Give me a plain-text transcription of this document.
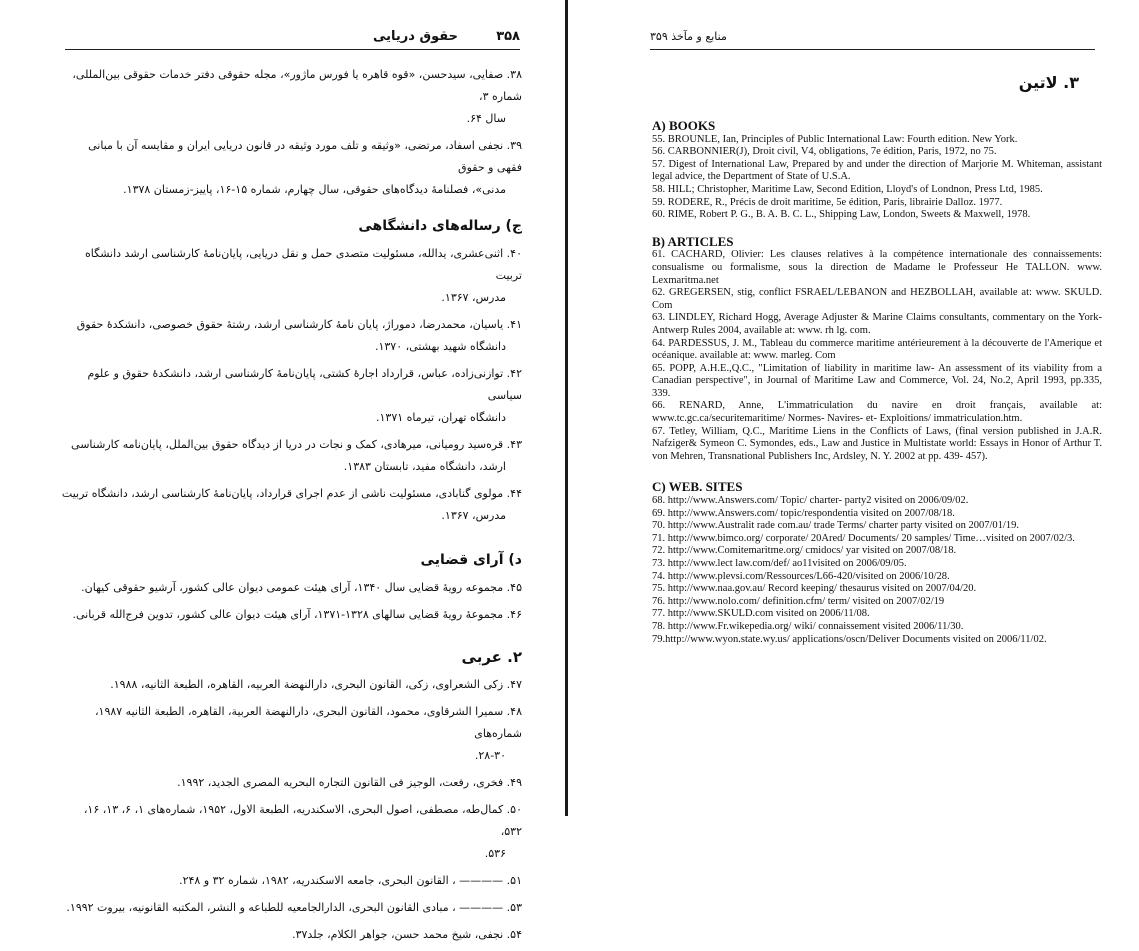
۳۵۸
حقوق دریایی
۳۸. صفایی، سیدحسن، «قوه قاهره یا فورس ماژور»، مجله حقوقی دفتر خدمات حقوقی بین‌المللی، شماره ۳،
سال ۶۴.
۳۹. نجفی اسفاد، مرتضی، «وثیقه و تلف مورد وثیقه در قانون دریایی ایران و مقایسه آن با مبانی فقهی و حقوق
مدنی»، فصلنامهٔ دیدگاه‌های حقوقی، سال چهارم، شماره ۱۵-۱۶، پاییز-زمستان ۱۳۷۸.
ج) رساله‌های دانشگاهی
۴۰. اثنی‌عشری، یدالله، مسئولیت متصدی حمل و نقل دریایی، پایان‌نامهٔ کارشناسی ارشد دانشگاه تربیت
مدرس، ۱۳۶۷.
۴۱. یاسیان، محمدرضا، دموراژ، پایان نامهٔ کارشناسی ارشد، رشتهٔ حقوق خصوصی، دانشکدهٔ حقوق
دانشگاه شهید بهشتی، ۱۳۷۰.
۴۲. توازنی‌زاده، عباس، قرارداد اجارهٔ کشتی، پایان‌نامهٔ کارشناسی ارشد، دانشکدهٔ حقوق و علوم سیاسی
دانشگاه تهران، تیرماه ۱۳۷۱.
۴۳. قرەسید رومیانی، میرهادی، کمک و نجات در دریا از دیدگاه حقوق بین‌الملل، پایان‌نامه کارشناسی
ارشد، دانشگاه مفید، تابستان ۱۳۸۳.
۴۴. مولوی گنابادی، مسئولیت ناشی از عدم اجرای قرارداد، پایان‌نامهٔ کارشناسی ارشد، دانشگاه تربیت
مدرس، ۱۳۶۷.
د) آرای قضایی
۴۵. مجموعه رویهٔ قضایی سال ۱۳۴۰، آرای هیئت عمومی دیوان عالی کشور، آرشیو حقوقی کیهان.
۴۶. مجموعهٔ رویهٔ قضایی سالهای ۱۳۲۸-۱۳۷۱، آرای هیئت دیوان عالی کشور، تدوین فرج‌الله قربانی.
۲. عربی
۴۷. زکی الشعراوی، زکی، القانون البحری، دارالنهضة العربیه، القاهره، الطبعة الثانیه، ۱۹۸۸.
۴۸. سمیرا الشرقاوی، محمود، القانون البحری، دارالنهضة العربیة، القاهره، الطبعة الثانیه ۱۹۸۷، شماره‌های
۲۸-۳۰.
۴۹. فخری، رفعت، الوجیز فی القانون التجاره البحریه المصری الجدید، ۱۹۹۲.
۵۰. کمال‌طه، مصطفی، اصول البحری، الاسکندریه، الطبعة الاول، ۱۹۵۲، شماره‌های ۱، ۶، ۱۳، ۱۶، ۵۳۲،
۵۳۶.
۵۱. ———— ، القانون البحری، جامعه الاسکندریه، ۱۹۸۲، شماره ۳۲ و ۲۴۸.
۵۳. ———— ، مبادی القانون البحری، الدارالجامعیه للطباعه و النشر، المکتبه القانونیه، بیروت ۱۹۹۲.
۵۴. نجفی، شیخ محمد حسن، جواهر الکلام، جلد۳۷.
منابع و مآخذ ۳۵۹
۳. لاتین
A) BOOKS
55. BROUNLE, Ian, Principles of Public International Law: Fourth edition. New York.
56. CARBONNIER(J), Droit civil, V4, obligations, 7e édition, Paris, 1972, no 75.
57. Digest of International Law, Prepared by and under the direction of Marjorie M. Whiteman, assistant legal advice, the Department of State of U.S.A.
58. HILL; Christopher, Maritime Law, Second Edition, Lloyd's of Londnon, Press Ltd, 1985.
59. RODERE, R., Précis de droit maritime, 5e édition, Paris, librairie Dalloz. 1977.
60. RIME, Robert P. G., B. A. B. C. L., Shipping Law, London, Sweets & Maxwell, 1978.
B) ARTICLES
61. CACHARD, Olivier: Les clauses relatives à la compétence internationale des connaissements: consualisme ou formalisme, sous la direction de Madame le Professeur He TALLON. www. Lexmaritma.net
62. GREGERSEN, stig, conflict FSRAEL/LEBANON and HEZBOLLAH, available at: www. SKULD. Com
63. LINDLEY, Richard Hogg, Average Adjuster & Marine Claims consultants, commentary on the York-Antwerp Rules 2004, available at: www. rh lg. com.
64. PARDESSUS, J. M., Tableau du commerce maritime antérieurement à la découverte de l'Amerique et océanique. available at: www. marleg. Com
65. POPP, A.H.E.,Q.C., "Limitation of liability in maritime law- An assessment of its viability from a Canadian perspective", in Journal of Maritime Law and Commerce, Vol. 24, No.2, April 1993, pp.335, 339.
66. RENARD, Anne, L'immatriculation du navire en droit français, available at: www.tc.gc.ca/securitemaritime/ Normes- Navires- et- Exploitions/ immatriculation.htm.
67. Tetley, William, Q.C., Maritime Liens in the Conflicts of Laws, (final version published in J.A.R. Nafziger& Symeon C. Symondes, eds., Law and Justice in Multistate world: Essays in Honor of Arthur T. von Mehren, Transnational Publishers Inc, Ardsley, N. Y. 2002 at pp. 439- 457).
C) WEB. SITES
68. http://www.Answers.com/ Topic/ charter- party2 visited on 2006/09/02.
69. http://www.Answers.com/ topic/respondentia visited on 2007/08/18.
70. http://www.Australit rade com.au/ trade Terms/ charter party visited on 2007/01/19.
71. http://www.bimco.org/ corporate/ 20Ared/ Documents/ 20 samples/ Time…visited on 2007/02/3.
72. http://www.Comitemaritme.org/ cmidocs/ yar visited on 2007/08/18.
73. http://www.lect law.com/def/ ao11visited on 2006/09/05.
74. http://www.plevsi.com/Ressources/L66-420/visited on 2006/10/28.
75. http://www.naa.gov.au/ Record keeping/ thesaurus visited on 2007/04/20.
76. http://www.nolo.com/ definition.cfm/ term/ visited on 2007/02/19
77. http://www.SKULD.com visited on 2006/11/08.
78. http://www.Fr.wikepedia.org/ wiki/ connaissement visited 2006/11/30.
79.http://www.wyon.state.wy.us/ applications/oscn/Deliver Documents visited on 2006/11/02.
